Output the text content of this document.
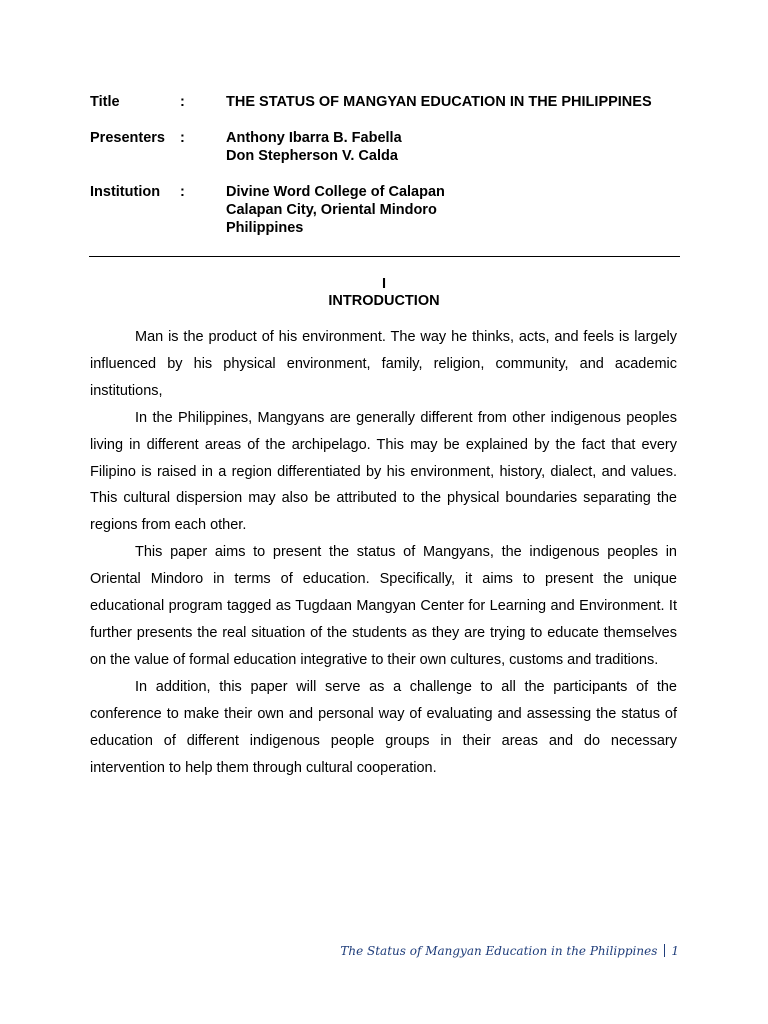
Title	:	THE STATUS OF MANGYAN EDUCATION IN THE PHILIPPINES
Presenters :	Anthony Ibarra B. Fabella
Don Stepherson V. Calda
Institution :	Divine Word College of Calapan
Calapan City, Oriental Mindoro
Philippines
I
INTRODUCTION

Man is the product of his environment. The way he thinks, acts, and feels is largely influenced by his physical environment, family, religion, community, and academic institutions,

In the Philippines, Mangyans are generally different from other indigenous peoples living in different areas of the archipelago. This may be explained by the fact that every Filipino is raised in a region differentiated by his environment, history, dialect, and values. This cultural dispersion may also be attributed to the physical boundaries separating the regions from each other.

This paper aims to present the status of Mangyans, the indigenous peoples in Oriental Mindoro in terms of education. Specifically, it aims to present the unique educational program tagged as Tugdaan Mangyan Center for Learning and Environment. It further presents the real situation of the students as they are trying to educate themselves on the value of formal education integrative to their own cultures, customs and traditions.

In addition, this paper will serve as a challenge to all the participants of the conference to make their own and personal way of evaluating and assessing the status of education of different indigenous people groups in their areas and do necessary intervention to help them through cultural cooperation.

The Status of Mangyan Education in the Philippines 1
